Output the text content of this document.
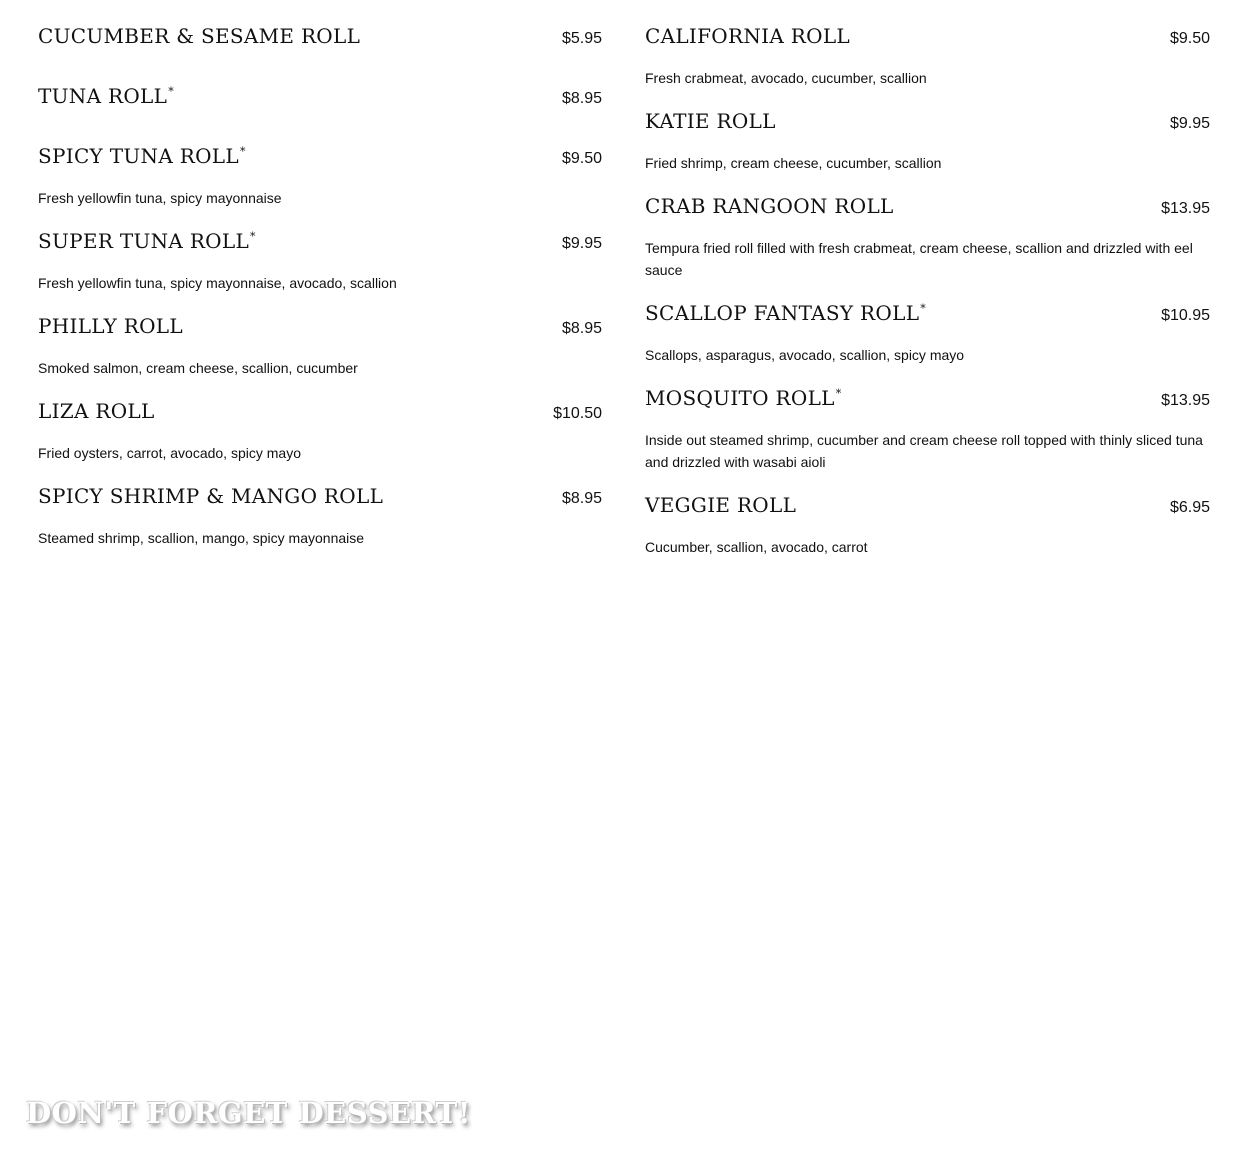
CUCUMBER & SESAME ROLL	$5.95
TUNA ROLL*	$8.95
SPICY TUNA ROLL*	$9.50
Fresh yellowfin tuna, spicy mayonnaise
SUPER TUNA ROLL*	$9.95
Fresh yellowfin tuna, spicy mayonnaise, avocado, scallion
PHILLY ROLL	$8.95
Smoked salmon, cream cheese, scallion, cucumber
LIZA ROLL	$10.50
Fried oysters, carrot, avocado, spicy mayo
SPICY SHRIMP & MANGO ROLL	$8.95
Steamed shrimp, scallion, mango, spicy mayonnaise
CALIFORNIA ROLL	$9.50
Fresh crabmeat, avocado, cucumber, scallion
KATIE ROLL	$9.95
Fried shrimp, cream cheese, cucumber, scallion
CRAB RANGOON ROLL	$13.95
Tempura fried roll filled with fresh crabmeat, cream cheese, scallion and drizzled with eel sauce
SCALLOP FANTASY ROLL*	$10.95
Scallops, asparagus, avocado, scallion, spicy mayo
MOSQUITO ROLL*	$13.95
Inside out steamed shrimp, cucumber and cream cheese roll topped with thinly sliced tuna and drizzled with wasabi aioli
VEGGIE ROLL	$6.95
Cucumber, scallion, avocado, carrot
DON'T FORGET DESSERT!
